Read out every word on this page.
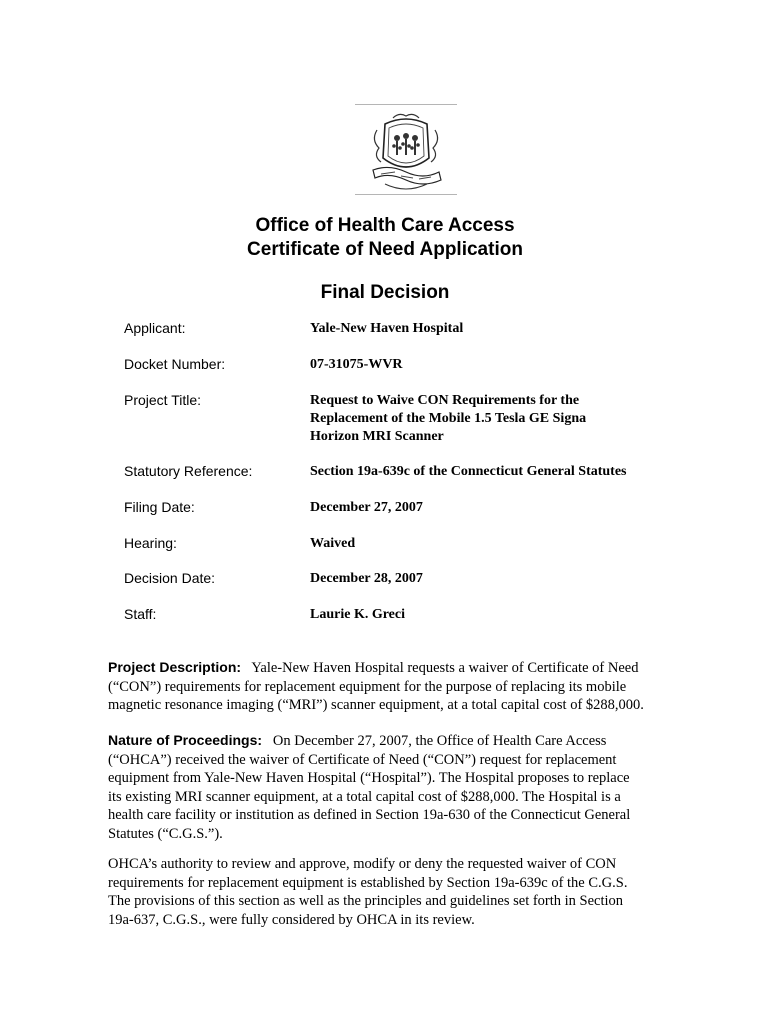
Office of Health Care Access
Certificate of Need Application
Final Decision
Applicant:	Yale-New Haven Hospital
Docket Number:	07-31075-WVR
Project Title:	Request to Waive CON Requirements for the
Replacement of the Mobile 1.5 Tesla GE Signa
Horizon MRI Scanner
Statutory Reference:	Section 19a-639c of the Connecticut General Statutes
Filing Date:	December 27, 2007
Hearing:	Waived
Decision Date:	December 28, 2007
Staff:	Laurie K. Greci
Project Description: Yale-New Haven Hospital requests a waiver of Certificate of Need
(“CON”) requirements for replacement equipment for the purpose of replacing its mobile
magnetic resonance imaging (“MRI”) scanner equipment, at a total capital cost of $288,000.
Nature of Proceedings: On December 27, 2007, the Office of Health Care Access
(“OHCA”) received the waiver of Certificate of Need (“CON”) request for replacement
equipment from Yale-New Haven Hospital (“Hospital”). The Hospital proposes to replace
its existing MRI scanner equipment, at a total capital cost of $288,000. The Hospital is a
health care facility or institution as defined in Section 19a-630 of the Connecticut General
Statutes (“C.G.S.”).
OHCA’s authority to review and approve, modify or deny the requested waiver of CON
requirements for replacement equipment is established by Section 19a-639c of the C.G.S.
The provisions of this section as well as the principles and guidelines set forth in Section
19a-637, C.G.S., were fully considered by OHCA in its review.
